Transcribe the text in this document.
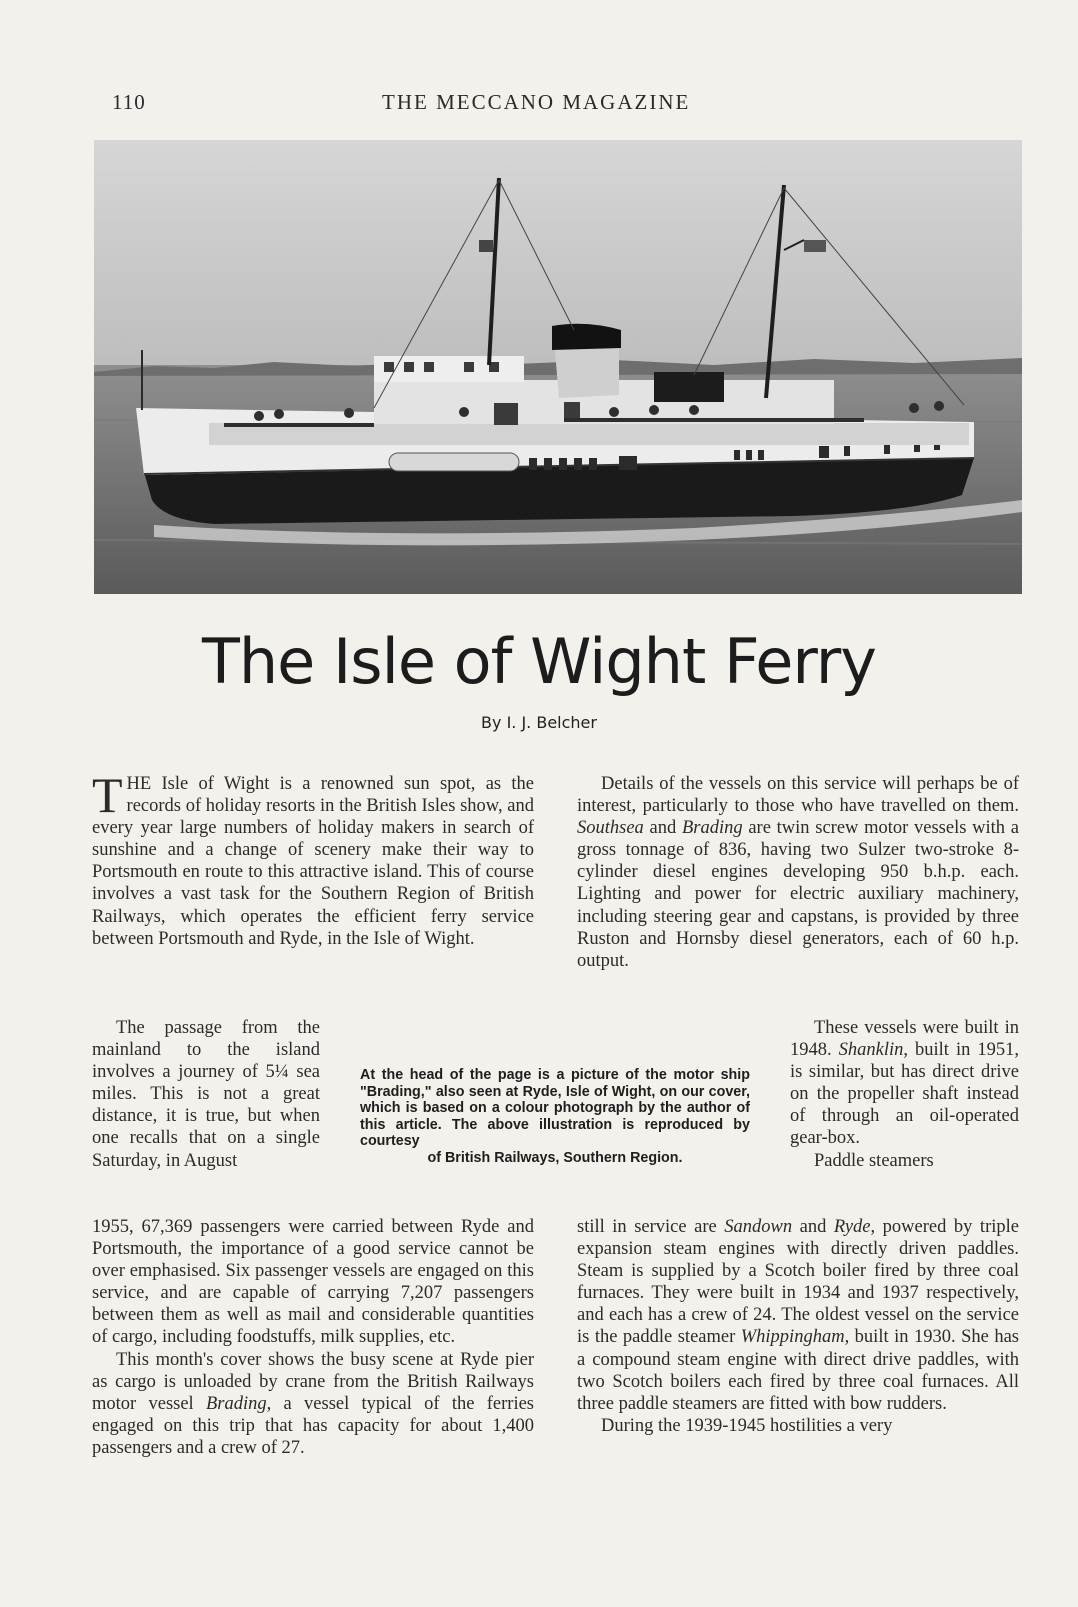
110	THE MECCANO MAGAZINE
The Isle of Wight Ferry
By I. J. Belcher

THE Isle of Wight is a renowned sun spot, as the records of holiday resorts in the British Isles show, and every year large numbers of holiday makers in search of sunshine and a change of scenery make their way to Portsmouth en route to this attractive island. This of course involves a vast task for the Southern Region of British Railways, which operates the efficient ferry service between Portsmouth and Ryde, in the Isle of Wight.

The passage from the mainland to the island involves a journey of 5¼ sea miles. This is not a great distance, it is true, but when one recalls that on a single Saturday, in August

1955, 67,369 passengers were carried between Ryde and Portsmouth, the importance of a good service cannot be over emphasised. Six passenger vessels are engaged on this service, and are capable of carrying 7,207 passengers between them as well as mail and considerable quantities of cargo, including foodstuffs, milk supplies, etc.

This month's cover shows the busy scene at Ryde pier as cargo is unloaded by crane from the British Railways motor vessel Brading, a vessel typical of the ferries engaged on this trip that has capacity for about 1,400 passengers and a crew of 27.

At the head of the page is a picture of the motor ship "Brading," also seen at Ryde, Isle of Wight, on our cover, which is based on a colour photograph by the author of this article. The above illustration is reproduced by courtesy
of British Railways, Southern Region.

Details of the vessels on this service will perhaps be of interest, particularly to those who have travelled on them. Southsea and Brading are twin screw motor vessels with a gross tonnage of 836, having two Sulzer two-stroke 8-cylinder diesel engines developing 950 b.h.p. each. Lighting and power for electric auxiliary machinery, including steering gear and capstans, is provided by three Ruston and Hornsby diesel generators, each of 60 h.p. output.

These vessels were built in 1948. Shanklin, built in 1951, is similar, but has direct drive on the propeller shaft instead of through an oil-operated gear-box.

Paddle steamers

still in service are Sandown and Ryde, powered by triple expansion steam engines with directly driven paddles. Steam is supplied by a Scotch boiler fired by three coal furnaces. They were built in 1934 and 1937 respectively, and each has a crew of 24. The oldest vessel on the service is the paddle steamer Whippingham, built in 1930. She has a compound steam engine with direct drive paddles, with two Scotch boilers each fired by three coal furnaces. All three paddle steamers are fitted with bow rudders.

During the 1939-1945 hostilities a very
